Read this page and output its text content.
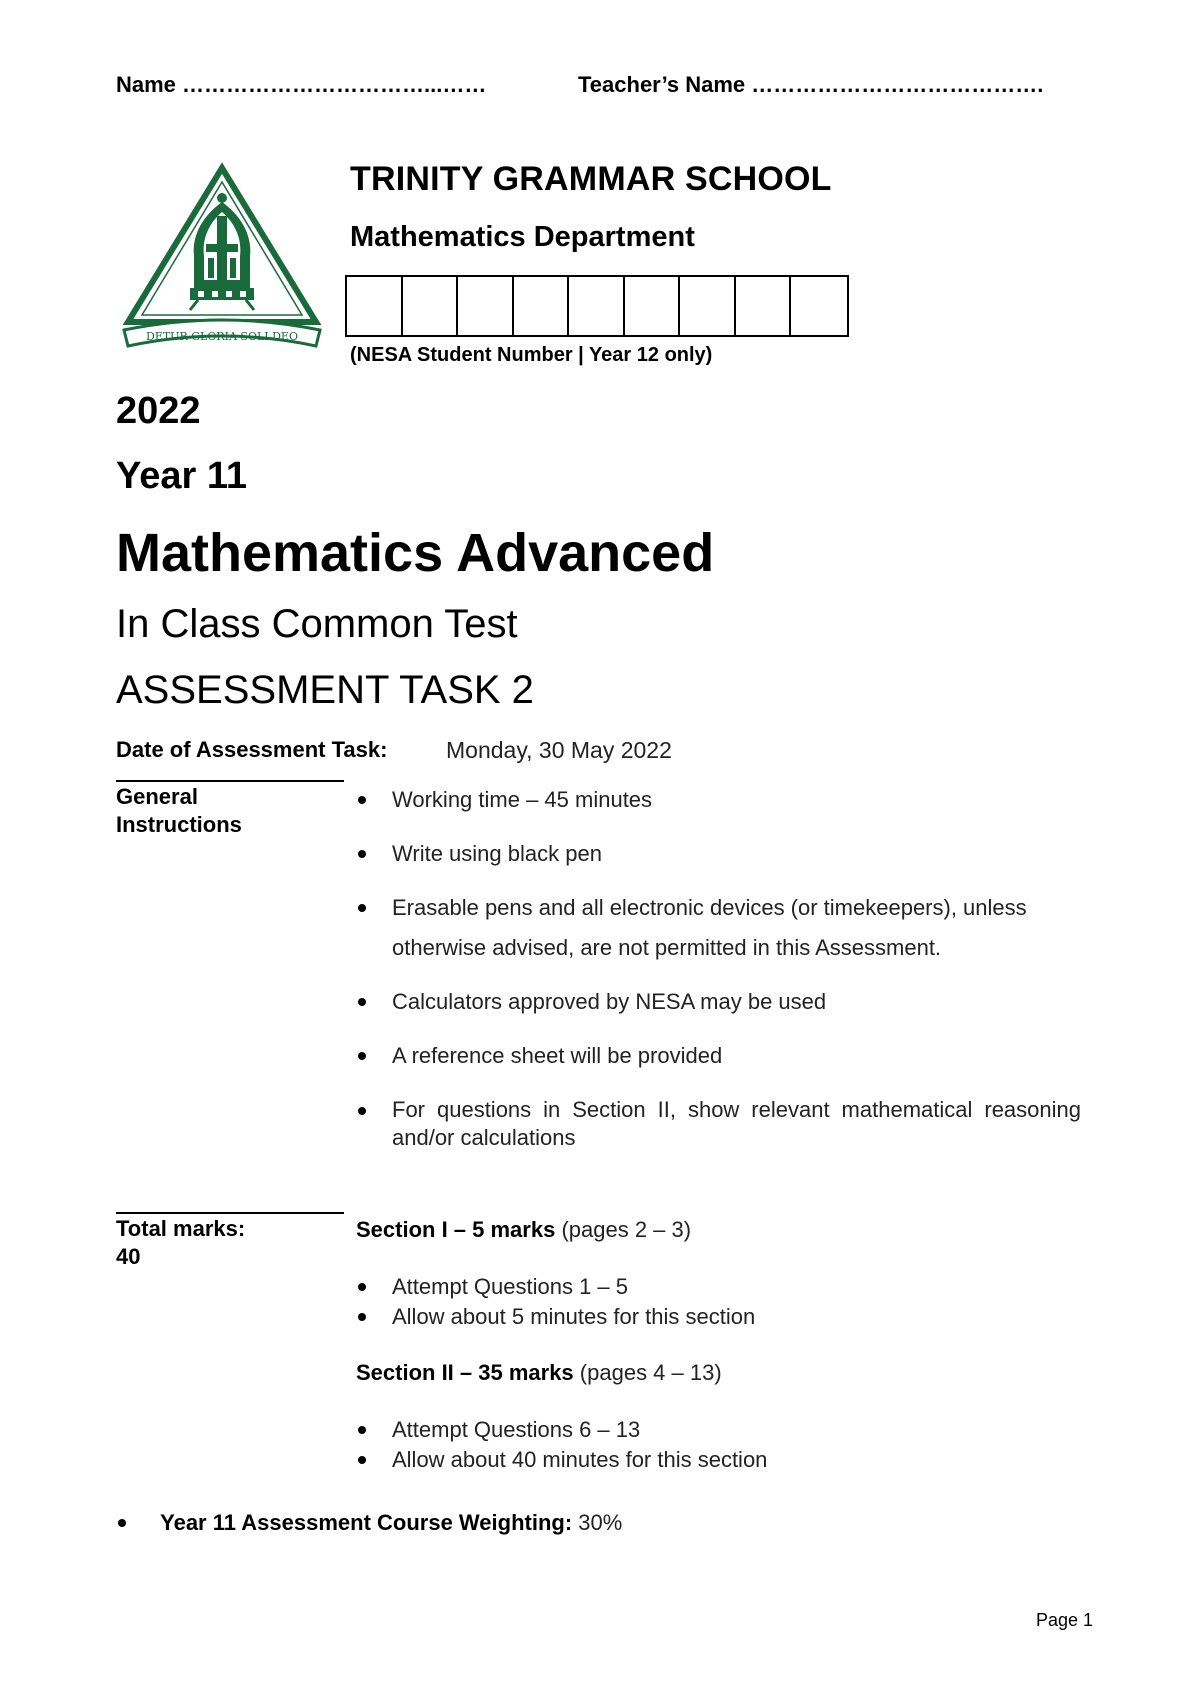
Name ……………………………...……	Teacher’s Name ………………………………….
DETUR GLORIA SOLI DEO
TRINITY GRAMMAR SCHOOL
Mathematics Department
(NESA Student Number | Year 12 only)
2022
Year 11
Mathematics Advanced
In Class Common Test
ASSESSMENT TASK 2
Date of Assessment Task:	Monday, 30 May 2022
General
Instructions
Working time – 45 minutes
Write using black pen
Erasable pens and all electronic devices (or timekeepers), unless otherwise advised, are not permitted in this Assessment.
Calculators approved by NESA may be used
A reference sheet will be provided
For questions in Section II, show relevant mathematical reasoning and/or calculations
Total marks:
40
Section I – 5 marks (pages 2 – 3)
Attempt Questions 1 – 5
Allow about 5 minutes for this section
Section II – 35 marks (pages 4 – 13)
Attempt Questions 6 – 13
Allow about 40 minutes for this section
Year 11 Assessment Course Weighting: 30%
Page 1
